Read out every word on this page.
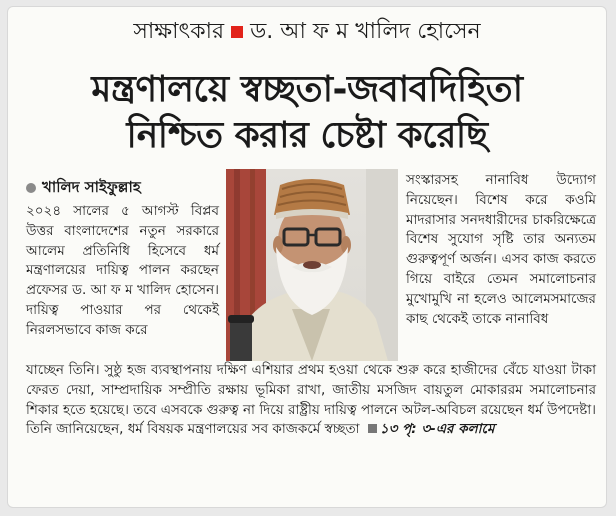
সাক্ষাৎকার ড. আ ফ ম খালিদ হোসেন
মন্ত্রণালয়ে স্বচ্ছতা-জবাবদিহিতা
নিশ্চিত করার চেষ্টা করেছি
খালিদ সাইফুল্লাহ
২০২৪ সালের ৫ আগস্ট বিপ্লব উত্তর বাংলাদেশের নতুন সরকারে আলেম প্রতিনিধি হিসেবে ধর্ম মন্ত্রণালয়ের দায়িত্ব পালন করছেন প্রফেসর ড. আ ফ ম খালিদ হোসেন। দায়িত্ব পাওয়ার পর থেকেই নিরলসভাবে কাজ করে
সংস্কারসহ নানাবিধ উদ্যোগ নিয়েছেন। বিশেষ করে কওমি মাদরাসার সনদধারীদের চাকরিক্ষেত্রে বিশেষ সুযোগ সৃষ্টি তার অন্যতম গুরুত্বপূর্ণ অর্জন। এসব কাজ করতে গিয়ে বাইরে তেমন সমালোচনার মুখোমুখি না হলেও আলেমসমাজের কাছ থেকেই তাকে নানাবিধ
যাচ্ছেন তিনি। সুষ্ঠু হজ ব্যবস্থাপনায় দক্ষিণ এশিয়ার প্রথম হওয়া থেকে শুরু করে হাজীদের বেঁচে যাওয়া টাকা ফেরত দেয়া, সাম্প্রদায়িক সম্প্রীতি রক্ষায় ভূমিকা রাখা, জাতীয় মসজিদ বায়তুল মোকাররম সমালোচনার শিকার হতে হয়েছে। তবে এসবকে গুরুত্ব না দিয়ে রাষ্ট্রীয় দায়িত্ব পালনে অটল-অবিচল রয়েছেন ধর্ম উপদেষ্টা। তিনি জানিয়েছেন, ধর্ম বিষয়ক মন্ত্রণালয়ের সব কাজকর্মে স্বচ্ছতা ১৩ পৃ: ৩-এর কলামে
